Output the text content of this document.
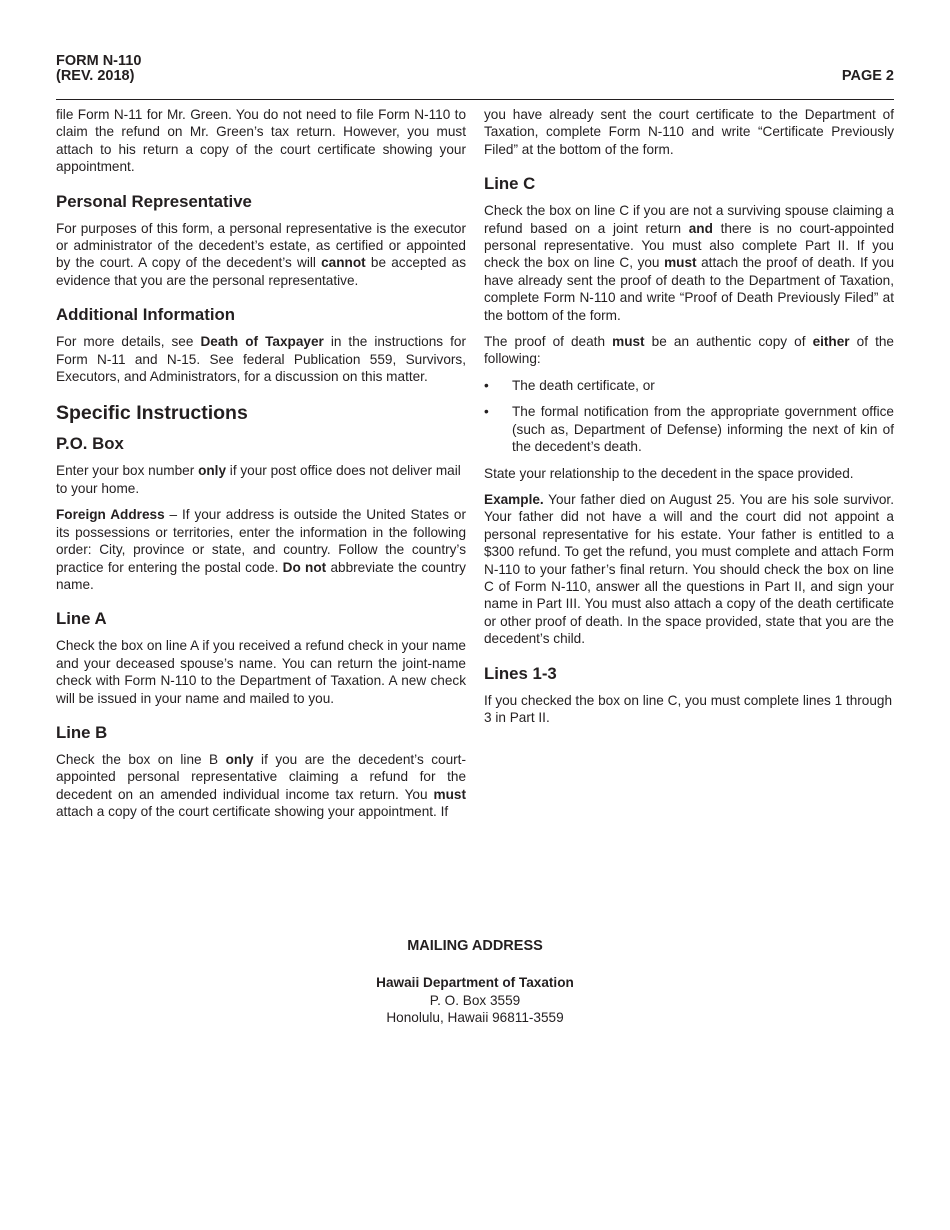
FORM N-110
(REV. 2018)	PAGE 2

file Form N-11 for Mr. Green. You do not need to file Form N-110 to claim the refund on Mr. Green’s tax return. However, you must attach to his return a copy of the court certificate showing your appointment.

Personal Representative

For purposes of this form, a personal representative is the executor or administrator of the decedent’s estate, as certified or appointed by the court. A copy of the decedent’s will cannot be accepted as evidence that you are the personal representative.

Additional Information

For more details, see Death of Taxpayer in the instructions for Form N-11 and N-15. See federal Publication 559, Survivors, Executors, and Administrators, for a discussion on this matter.

Specific Instructions
P.O. Box

Enter your box number only if your post office does not deliver mail to your home.

Foreign Address – If your address is outside the United States or its possessions or territories, enter the information in the following order: City, province or state, and country. Follow the country’s practice for entering the postal code. Do not abbreviate the country name.

Line A

Check the box on line A if you received a refund check in your name and your deceased spouse’s name. You can return the joint-name check with Form N-110 to the Department of Taxation. A new check will be issued in your name and mailed to you.

Line B

Check the box on line B only if you are the decedent’s court-appointed personal representative claiming a refund for the decedent on an amended individual income tax return. You must attach a copy of the court certificate showing your appointment. If

you have already sent the court certificate to the Department of Taxation, complete Form N-110 and write “Certificate Previously Filed” at the bottom of the form.

Line C

Check the box on line C if you are not a surviving spouse claiming a refund based on a joint return and there is no court-appointed personal representative. You must also complete Part II. If you check the box on line C, you must attach the proof of death. If you have already sent the proof of death to the Department of Taxation, complete Form N-110 and write “Proof of Death Previously Filed” at the bottom of the form.

The proof of death must be an authentic copy of either of the following:

• The death certificate, or
• The formal notification from the appropriate government office (such as, Department of Defense) informing the next of kin of the decedent’s death.

State your relationship to the decedent in the space provided.

Example. Your father died on August 25. You are his sole survivor. Your father did not have a will and the court did not appoint a personal representative for his estate. Your father is entitled to a $300 refund. To get the refund, you must complete and attach Form N-110 to your father’s final return. You should check the box on line C of Form N-110, answer all the questions in Part II, and sign your name in Part III. You must also attach a copy of the death certificate or other proof of death. In the space provided, state that you are the decedent’s child.

Lines 1-3

If you checked the box on line C, you must complete lines 1 through 3 in Part II.

MAILING ADDRESS
Hawaii Department of Taxation
P. O. Box 3559
Honolulu, Hawaii 96811-3559
